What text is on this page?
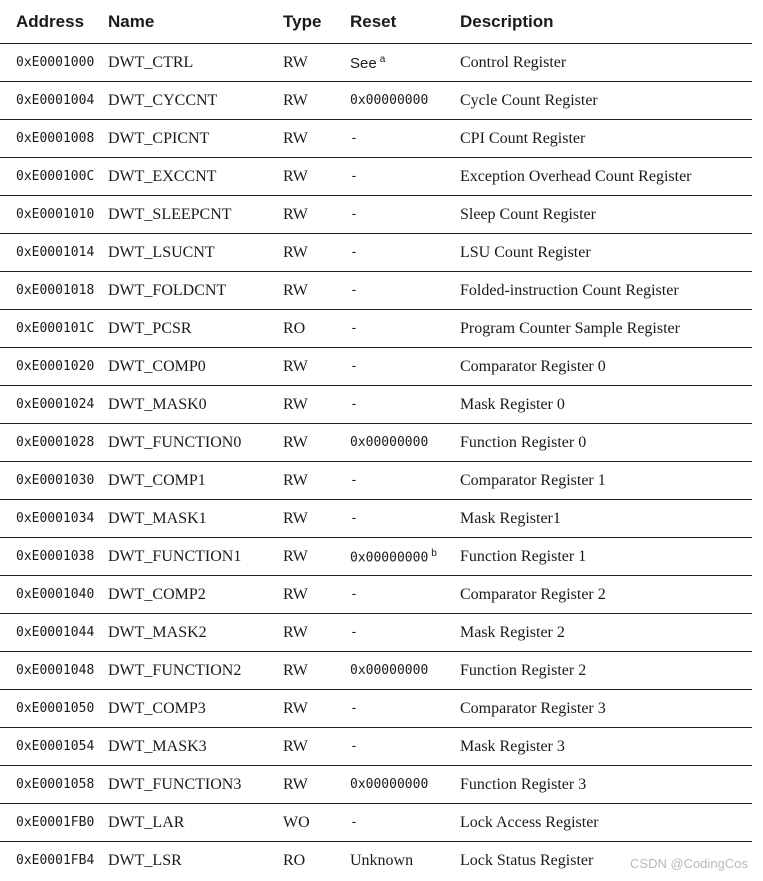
Address	Name	Type	Reset	Description
0xE0001000	DWT_CTRL	RW	See $^a$	Control Register
0xE0001004	DWT_CYCCNT	RW	0x00000000	Cycle Count Register
0xE0001008	DWT_CPICNT	RW	-	CPI Count Register
0xE000100C	DWT_EXCCNT	RW	-	Exception Overhead Count Register
0xE0001010	DWT_SLEEPCNT	RW	-	Sleep Count Register
0xE0001014	DWT_LSUCNT	RW	-	LSU Count Register
0xE0001018	DWT_FOLDCNT	RW	-	Folded-instruction Count Register
0xE000101C	DWT_PCSR	RO	-	Program Counter Sample Register
0xE0001020	DWT_COMP0	RW	-	Comparator Register 0
0xE0001024	DWT_MASK0	RW	-	Mask Register 0
0xE0001028	DWT_FUNCTION0	RW	0x00000000	Function Register 0
0xE0001030	DWT_COMP1	RW	-	Comparator Register 1
0xE0001034	DWT_MASK1	RW	-	Mask Register1
0xE0001038	DWT_FUNCTION1	RW	0x00000000 $^b$	Function Register 1
0xE0001040	DWT_COMP2	RW	-	Comparator Register 2
0xE0001044	DWT_MASK2	RW	-	Mask Register 2
0xE0001048	DWT_FUNCTION2	RW	0x00000000	Function Register 2
0xE0001050	DWT_COMP3	RW	-	Comparator Register 3
0xE0001054	DWT_MASK3	RW	-	Mask Register 3
0xE0001058	DWT_FUNCTION3	RW	0x00000000	Function Register 3
0xE0001FB0	DWT_LAR	WO	-	Lock Access Register
0xE0001FB4	DWT_LSR	RO	Unknown	Lock Status Register	CSDN @CodingCos
